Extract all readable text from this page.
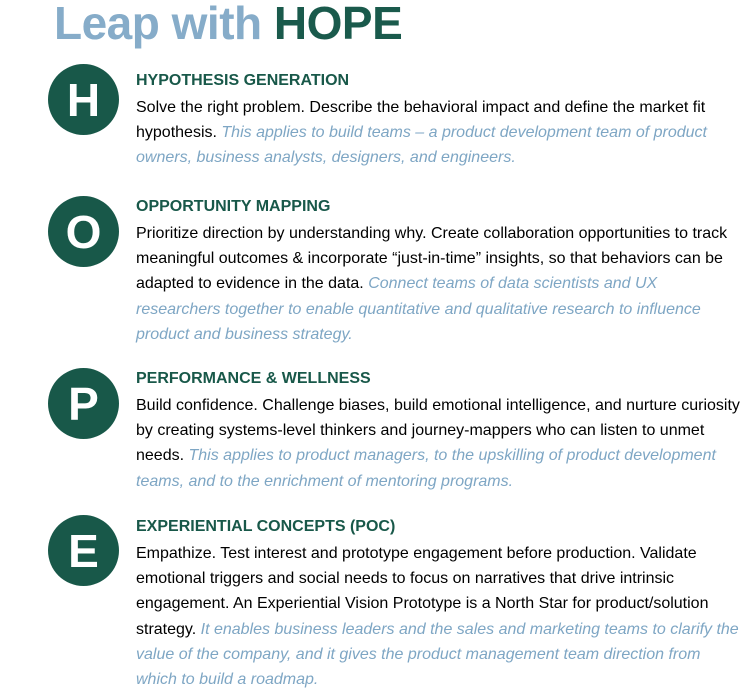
Leap with HOPE
H HYPOTHESIS GENERATION

Solve the right problem. Describe the behavioral impact and define the market fit hypothesis. This applies to build teams – a product development team of product owners, business analysts, designers, and engineers.

O OPPORTUNITY MAPPING

Prioritize direction by understanding why. Create collaboration opportunities to track meaningful outcomes & incorporate “just-in-time” insights, so that behaviors can be adapted to evidence in the data. Connect teams of data scientists and UX researchers together to enable quantitative and qualitative research to influence product and business strategy.

P PERFORMANCE & WELLNESS

Build confidence. Challenge biases, build emotional intelligence, and nurture curiosity by creating systems-level thinkers and journey-mappers who can listen to unmet needs. This applies to product managers, to the upskilling of product development teams, and to the enrichment of mentoring programs.

E EXPERIENTIAL CONCEPTS (POC)

Empathize. Test interest and prototype engagement before production. Validate emotional triggers and social needs to focus on narratives that drive intrinsic engagement. An Experiential Vision Prototype is a North Star for product/solution strategy. It enables business leaders and the sales and marketing teams to clarify the value of the company, and it gives the product management team direction from which to build a roadmap.
